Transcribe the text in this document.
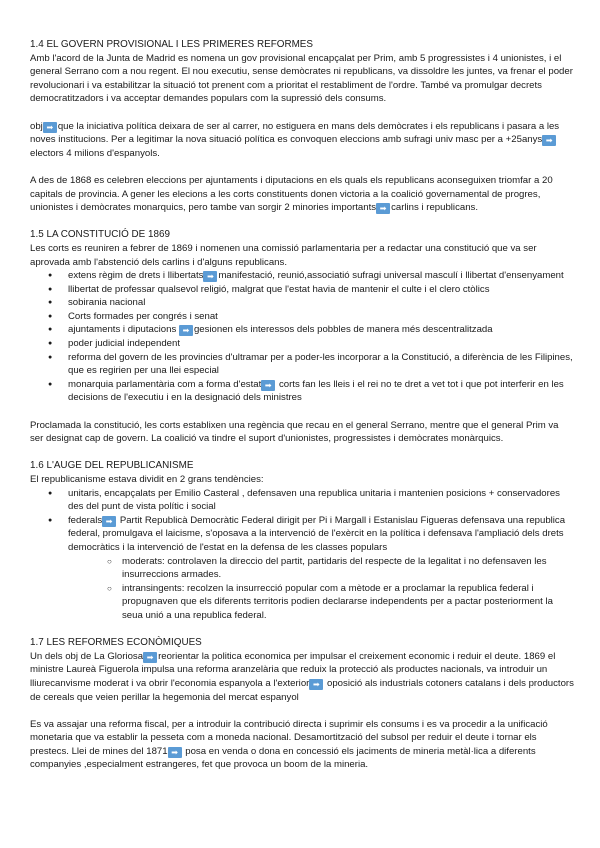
1.4 EL GOVERN PROVISIONAL I LES PRIMERES REFORMES

Amb l'acord de la Junta de Madrid es nomena un gov provisional encapçalat per Prim, amb 5 progressistes i 4 unionistes, i el general Serrano com a nou regent. El nou executiu, sense demòcrates ni republicans, va dissoldre les juntes, va frenar el poder revolucionari i va estabilitzar la situació tot prenent com a prioritat el restabliment de l'ordre. També va promulgar decrets democratitzadors i va acceptar demandes populars com la supressió dels consums.

obj ➡ que la iniciativa política deixara de ser al carrer, no estiguera en mans dels demòcrates i els republicans i pasara a les noves institucions. Per a legitimar la nova situació política es convoquen eleccions amb sufragi univ masc per a +25anys ➡electors 4 milions d'espanyols.

A des de 1868 es celebren eleccions per ajuntaments i diputacions en els quals els republicans aconseguixen triomfar a 20 capitals de provincia. A gener les elecions a les corts constituents donen victoria a la coalició governamental de progres, unionistes i demòcrates monarquics, pero tambe van sorgir 2 minories importants ➡ carlins i republicans.

1.5 LA CONSTITUCIÓ DE 1869

Les corts es reuniren a febrer de 1869 i nomenen una comissió parlamentaria per a redactar una constitució que va ser aprovada amb l'abstenció dels carlins i d'alguns republicans.

● extens règim de drets i llibertats ➡ manifestació, reunió,associatió sufragi universal masculí i llibertat d'ensenyament
● llibertat de professar qualsevol religió, malgrat que l'estat havia de mantenir el culte i el clero ctòlics
● sobirania nacional
● Corts formades per congrés i senat
● ajuntaments i diputacions ➡ gesionen els interessos dels pobbles de manera més descentralitzada
● poder judicial independent
● reforma del govern de les provincies d'ultramar per a poder-les incorporar a la Constitució, a diferència de les Filipines, que es regirien per una llei especial
● monarquia parlamentària com a forma d'estat ➡ corts fan les lleis i el rei no te dret a vet tot i que pot interferir en les decisions de l'executiu i en la designació dels ministres

Proclamada la constitució, les corts establixen una regència que recau en el general Serrano, mentre que el general Prim va ser designat cap de govern. La coalició va tindre el suport d'unionistes, progressistes i demòcrates monàrquics.

1.6 L'AUGE DEL REPUBLICANISME

El republicanisme estava dividit en 2 grans tendències:

● unitaris, encapçalats per Emilio Casteral , defensaven una republica unitaria i mantenien posicions + conservadores des del punt de vista polític i social
● federals ➡ Partit Republicà Democràtic Federal dirigit per Pi i Margall i Estanislau Figueras defensava una republica federal, promulgava el laicisme, s'oposava a la intervenció de l'exèrcit en la política i defensava l'ampliació dels drets democràtics i la intervenció de l'estat en la defensa de les classes populars
○ moderats: controlaven la direccio del partit, partidaris del respecte de la legalitat i no defensaven les insurreccions armades.
○ intransingents: recolzen la insurrecció popular com a mètode er a proclamar la republica federal i propugnaven que els diferents territoris podien declararse independents per a pactar posteriorment la seua unió a una republica federal.
1.7 LES REFORMES ECONÒMIQUES

Un dels obj de La Gloriosa ➡ reorientar la politica economica per impulsar el creixement economic i reduir el deute. 1869 el ministre Laureà Figuerola impulsa una reforma aranzelària que reduix la protecció als productes nacionals, va introduir un lliurecanvisme moderat i va obrir l'economia espanyola a l'exterior ➡ oposició als industrials cotoners catalans i dels productors de cereals que veien perillar la hegemonia del mercat espanyol

Es va assajar una reforma fiscal, per a introduir la contribució directa i suprimir els consums i es va procedir a la unificació monetaria que va establir la pesseta com a moneda nacional. Desamortització del subsol per reduir el deute i tornar els prestecs. Llei de mines del 1871 ➡ posa en venda o dona en concessió els jaciments de mineria metàl·lica a diferents companyies ,especialment estrangeres, fet que provoca un boom de la mineria.
